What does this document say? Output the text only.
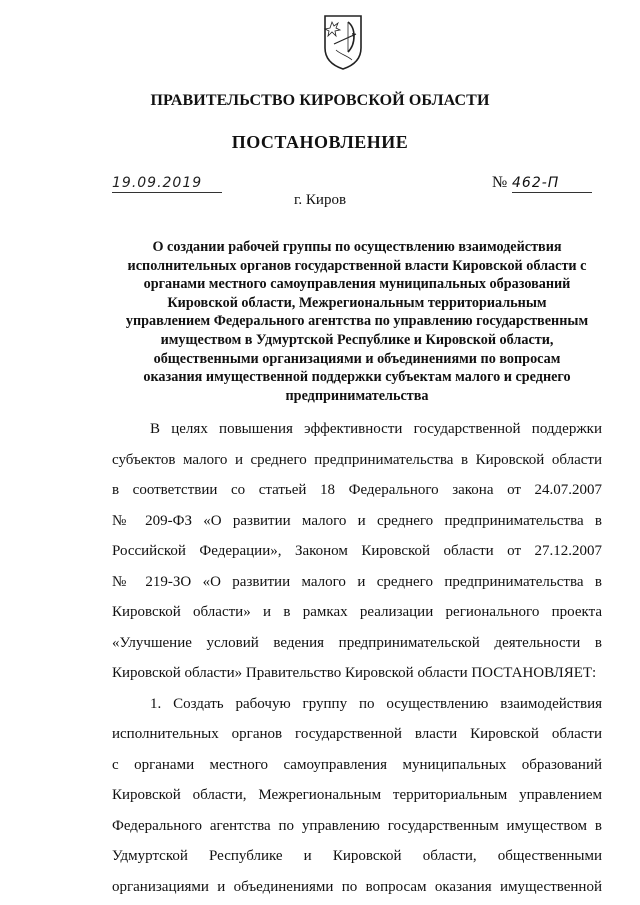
ПРАВИТЕЛЬСТВО КИРОВСКОЙ ОБЛАСТИ
ПОСТАНОВЛЕНИЕ
19.09.2019	№ 462-П
г. Киров
О создании рабочей группы по осуществлению взаимодействия
исполнительных органов государственной власти Кировской области с
органами местного самоуправления муниципальных образований
Кировской области, Межрегиональным территориальным
управлением Федерального агентства по управлению государственным
имуществом в Удмуртской Республике и Кировской области,
общественными организациями и объединениями по вопросам
оказания имущественной поддержки субъектам малого и среднего
предпринимательства
В целях повышения эффективности государственной поддержки
субъектов малого и среднего предпринимательства в Кировской области
в соответствии со статьей 18 Федерального закона от 24.07.2007
№ 209-ФЗ «О развитии малого и среднего предпринимательства в
Российской Федерации», Законом Кировской области от 27.12.2007
№ 219-ЗО «О развитии малого и среднего предпринимательства в
Кировской области» и в рамках реализации регионального проекта
«Улучшение условий ведения предпринимательской деятельности в
Кировской области» Правительство Кировской области ПОСТАНОВЛЯЕТ:
1. Создать рабочую группу по осуществлению взаимодействия
исполнительных органов государственной власти Кировской области
с органами местного самоуправления муниципальных образований
Кировской области, Межрегиональным территориальным управлением
Федерального агентства по управлению государственным имуществом в
Удмуртской Республике и Кировской области, общественными
организациями и объединениями по вопросам оказания имущественной
